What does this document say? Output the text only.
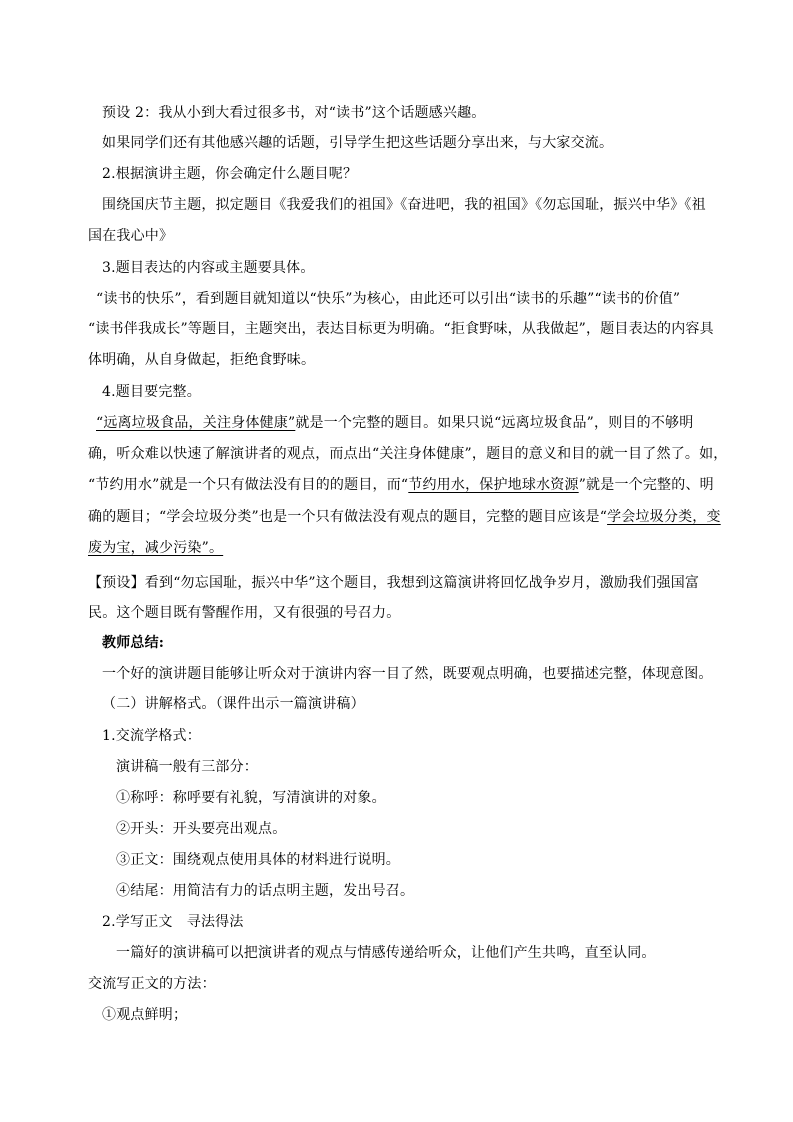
预设 2：我从小到大看过很多书，对“读书”这个话题感兴趣。
如果同学们还有其他感兴趣的话题，引导学生把这些话题分享出来，与大家交流。
2.根据演讲主题，你会确定什么题目呢？
围绕国庆节主题，拟定题目《我爱我们的祖国》《奋进吧，我的祖国》《勿忘国耻，振兴中华》《祖
国在我心中》
3.题目表达的内容或主题要具体。
“读书的快乐”，看到题目就知道以“快乐”为核心，由此还可以引出“读书的乐趣”“读书的价值”
“读书伴我成长”等题目，主题突出，表达目标更为明确。“拒食野味，从我做起”，题目表达的内容具
体明确，从自身做起，拒绝食野味。
4.题目要完整。
“远离垃圾食品，关注身体健康”就是一个完整的题目。如果只说“远离垃圾食品”，则目的不够明
确，听众难以快速了解演讲者的观点，而点出“关注身体健康”，题目的意义和目的就一目了然了。如，
“节约用水”就是一个只有做法没有目的的题目，而“节约用水，保护地球水资源”就是一个完整的、明
确的题目；“学会垃圾分类”也是一个只有做法没有观点的题目，完整的题目应该是“学会垃圾分类，变
废为宝，减少污染”。
【预设】看到“勿忘国耻，振兴中华”这个题目，我想到这篇演讲将回忆战争岁月，激励我们强国富
民。这个题目既有警醒作用，又有很强的号召力。
教师总结:
一个好的演讲题目能够让听众对于演讲内容一目了然，既要观点明确，也要描述完整，体现意图。
（二）讲解格式。（课件出示一篇演讲稿）
1.交流学格式：
演讲稿一般有三部分：
①称呼：称呼要有礼貌，写清演讲的对象。
②开头：开头要亮出观点。
③正文：围绕观点使用具体的材料进行说明。
④结尾：用简洁有力的话点明主题，发出号召。
2.学写正文　寻法得法
一篇好的演讲稿可以把演讲者的观点与情感传递给听众，让他们产生共鸣，直至认同。
交流写正文的方法：
①观点鲜明；
